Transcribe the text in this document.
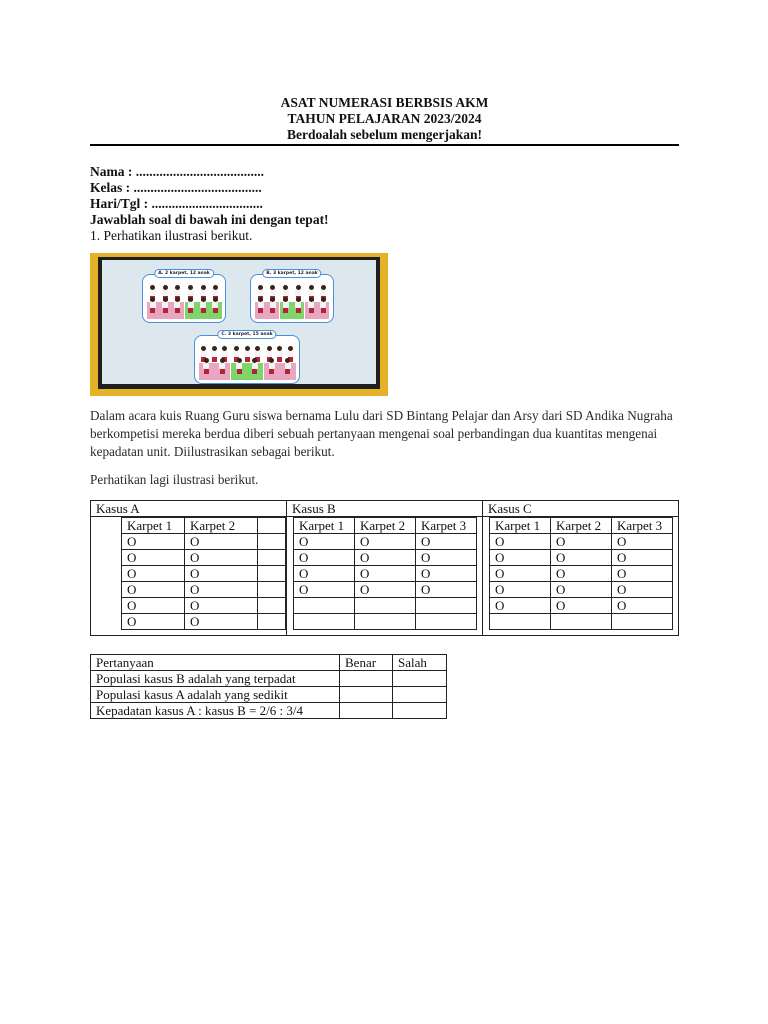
ASAT NUMERASI BERBSIS AKM
TAHUN PELAJARAN 2023/2024
Berdoalah sebelum mengerjakan!
Nama : ......................................
Kelas : ......................................
Hari/Tgl : .................................
Jawablah soal di bawah ini dengan tepat!
1. Perhatikan ilustrasi berikut.
A. 2 karpet, 12 anak	B. 3 karpet, 12 anak
C. 3 karpet, 15 anak
Dalam acara kuis Ruang Guru siswa bernama Lulu dari SD Bintang Pelajar dan Arsy dari SD Andika Nugraha berkompetisi mereka berdua diberi sebuah pertanyaan mengenai soal perbandingan dua kuantitas mengenai kepadatan unit. Diilustrasikan sebagai berikut.
Perhatikan lagi ilustrasi berikut.
Kasus A	Kasus B	Kasus C

Karpet 1	Karpet 2	
O	O	
O	O	
O	O	
O	O	
O	O	
O	O	
Karpet 1	Karpet 2	Karpet 3
O	O	O
O	O	O
O	O	O
O	O	O

Karpet 1	Karpet 2	Karpet 3
O	O	O
O	O	O
O	O	O
O	O	O
O	O	O

Pertanyaan	Benar	Salah
Populasi kasus B adalah yang terpadat		
Populasi kasus A adalah yang sedikit		
Kepadatan kasus A : kasus B = 2/6 : 3/4		
